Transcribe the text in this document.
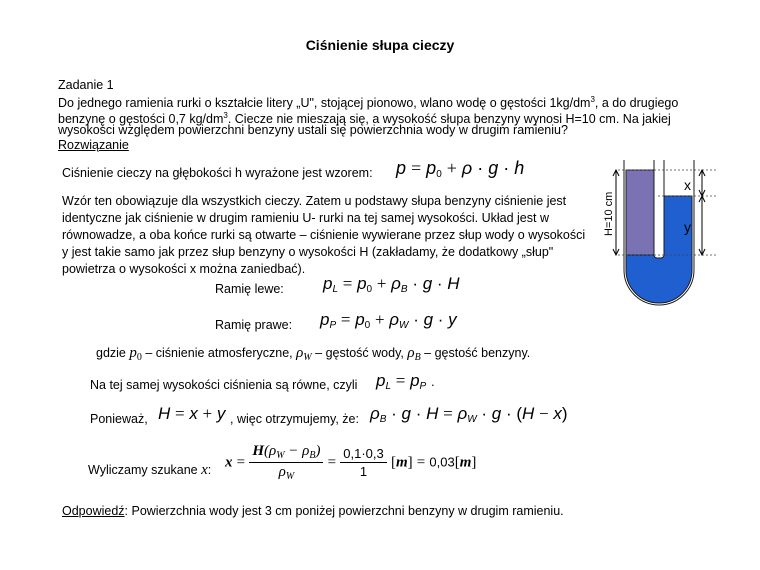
Ciśnienie słupa cieczy
Zadanie 1
Do jednego ramienia rurki o kształcie litery „U", stojącej pionowo, wlano wodę o gęstości $1kg/dm^3$, a do drugiego
benzynę o gęstości 0,7 $kg/dm^3$. Ciecze nie mieszają się, a wysokość słupa benzyny wynosi H=10 cm. Na jakiej
wysokości względem powierzchni benzyny ustali się powierzchnia wody w drugim ramieniu?
Rozwiązanie
Ciśnienie cieczy na głębokości h wyrażone jest wzorem: $p = p_0 + \rho \cdot g \cdot h$
Wzór ten obowiązuje dla wszystkich cieczy. Zatem u podstawy słupa benzyny ciśnienie jest identyczne jak ciśnienie w drugim ramieniu U- rurki na tej samej wysokości. Układ jest w równowadze, a oba końce rurki są otwarte – ciśnienie wywierane przez słup wody o wysokości y jest takie samo jak przez słup benzyny o wysokości H (zakładamy, że dodatkowy „słup" powietrza o wysokości x można zaniedbać).
Ramię lewe: $p_L = p_0 + \rho_B \cdot g \cdot H$
Ramię prawe: $p_P = p_0 + \rho_W \cdot g \cdot y$
gdzie $p_0$ – ciśnienie atmosferyczne, $\rho_W$ – gęstość wody, $\rho_B$ – gęstość benzyny.
Na tej samej wysokości ciśnienia są równe, czyli $p_L = p_P$ .
Ponieważ, H = x + y , więc otrzymujemy, że: $\rho_B \cdot g \cdot H = \rho_W \cdot g \cdot (H - x)$
Wyliczamy szukane x: $x = \frac{H(\rho_W - \rho_B)}{\rho_W} = \frac{0,1\cdot 0,3}{1} [m] = 0,03[m]$
Odpowiedź: Powierzchnia wody jest 3 cm poniżej powierzchni benzyny w drugim ramieniu.
H=10 cm
x
y
